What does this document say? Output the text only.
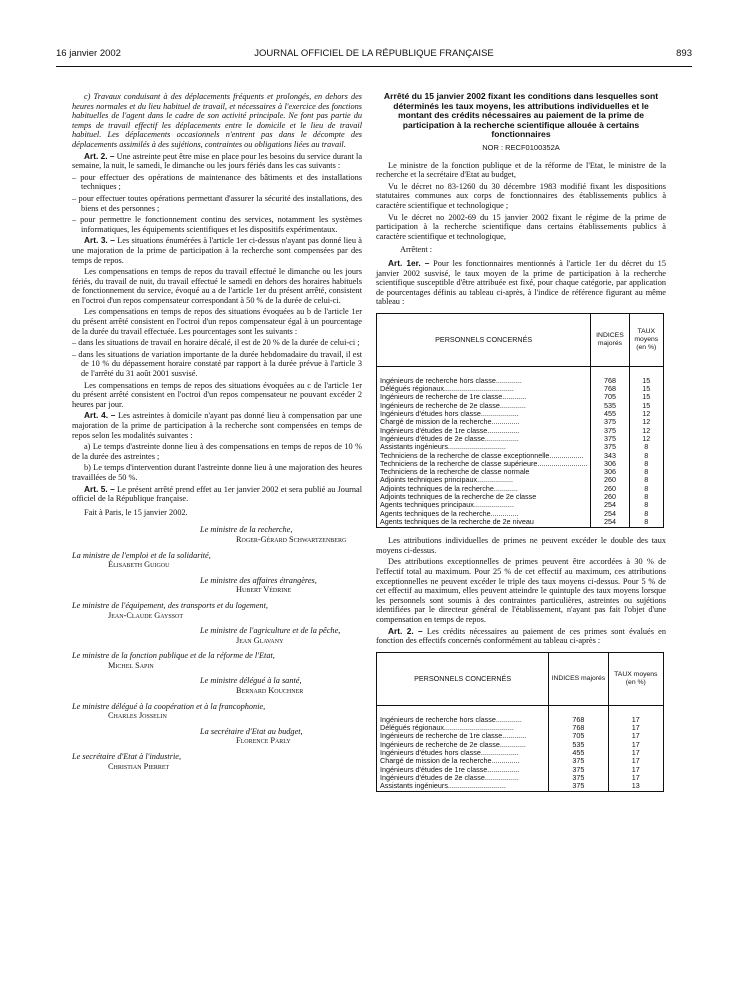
16 janvier 2002	JOURNAL OFFICIEL DE LA RÉPUBLIQUE FRANÇAISE	893

c) Travaux conduisant à des déplacements fréquents et prolongés, en dehors des heures normales et du lieu habituel de travail, et nécessaires à l'exercice des fonctions habituelles de l'agent dans le cadre de son activité principale. Ne font pas partie du temps de travail effectif les déplacements entre le domicile et le lieu de travail habituel. Les déplacements occasionnels n'entrent pas dans le décompte des déplacements assimilés à des sujétions, contraintes ou obligations liées au travail.

Art. 2. – Une astreinte peut être mise en place pour les besoins du service durant la semaine, la nuit, le samedi, le dimanche ou les jours fériés dans les cas suivants :

– pour effectuer des opérations de maintenance des bâtiments et des installations techniques ;

– pour effectuer toutes opérations permettant d'assurer la sécurité des installations, des biens et des personnes ;

– pour permettre le fonctionnement continu des services, notamment les systèmes informatiques, les équipements scientifiques et les dispositifs expérimentaux.

Art. 3. – Les situations énumérées à l'article 1er ci-dessus n'ayant pas donné lieu à une majoration de la prime de participation à la recherche sont compensées par des temps de repos.

Les compensations en temps de repos du travail effectué le dimanche ou les jours fériés, du travail de nuit, du travail effectué le samedi en dehors des horaires habituels de fonctionnement du service, évoqué au a de l'article 1er du présent arrêté, consistent en l'octroi d'un repos compensateur correspondant à 50 % de la durée de celui-ci.

Les compensations en temps de repos des situations évoquées au b de l'article 1er du présent arrêté consistent en l'octroi d'un repos compensateur égal à un pourcentage de la durée du travail effectuée. Les pourcentages sont les suivants :

– dans les situations de travail en horaire décalé, il est de 20 % de la durée de celui-ci ;

– dans les situations de variation importante de la durée hebdomadaire du travail, il est de 10 % du dépassement horaire constaté par rapport à la durée prévue à l'article 3 de l'arrêté du 31 août 2001 susvisé.

Les compensations en temps de repos des situations évoquées au c de l'article 1er du présent arrêté consistent en l'octroi d'un repos compensateur ne pouvant excéder 2 heures par jour.

Art. 4. – Les astreintes à domicile n'ayant pas donné lieu à compensation par une majoration de la prime de participation à la recherche sont compensées en temps de repos selon les modalités suivantes :

a) Le temps d'astreinte donne lieu à des compensations en temps de repos de 10 % de la durée des astreintes ;

b) Le temps d'intervention durant l'astreinte donne lieu à une majoration des heures travaillées de 50 %.

Art. 5. – Le présent arrêté prend effet au 1er janvier 2002 et sera publié au Journal officiel de la République française.

Fait à Paris, le 15 janvier 2002.

Le ministre de la recherche,
Roger-Gérard Schwartzenberg
La ministre de l'emploi et de la solidarité,
Élisabeth Guigou
Le ministre des affaires étrangères,
Hubert Védrine
Le ministre de l'équipement, des transports et du logement,
Jean-Claude Gayssot
Le ministre de l'agriculture et de la pêche,
Jean Glavany
Le ministre de la fonction publique et de la réforme de l'Etat,
Michel Sapin
Le ministre délégué à la santé,
Bernard Kouchner
Le ministre délégué à la coopération et à la francophonie,
Charles Josselin
La secrétaire d'Etat au budget,
Florence Parly
Le secrétaire d'Etat à l'industrie,
Christian Pierret
Arrêté du 15 janvier 2002 fixant les conditions dans lesquelles sont déterminés les taux moyens, les attributions individuelles et le montant des crédits nécessaires au paiement de la prime de participation à la recherche scientifique allouée à certains fonctionnaires
NOR : RECF0100352A

Le ministre de la fonction publique et de la réforme de l'Etat, le ministre de la recherche et la secrétaire d'Etat au budget,

Vu le décret no 83-1260 du 30 décembre 1983 modifié fixant les dispositions statutaires communes aux corps de fonctionnaires des établissements publics à caractère scientifique et technologique ;

Vu le décret no 2002-69 du 15 janvier 2002 fixant le régime de la prime de participation à la recherche scientifique dans certains établissements publics à caractère scientifique et technologique,

Arrêtent :

Art. 1er. – Pour les fonctionnaires mentionnés à l'article 1er du décret du 15 janvier 2002 susvisé, le taux moyen de la prime de participation à la recherche scientifique susceptible d'être attribuée est fixé, pour chaque catégorie, par application de pourcentages définis au tableau ci-après, à l'indice de référence figurant au même tableau :

PERSONNELS CONCERNÉS	INDICES majorés	TAUX moyens (en %)
Ingénieurs de recherche hors classe.............	768	15
Délégués régionaux...................................	768	15
Ingénieurs de recherche de 1re classe............	705	15
Ingénieurs de recherche de 2e classe.............	535	15
Ingénieurs d'études hors classe...................	455	12
Chargé de mission de la recherche..............	375	12
Ingénieurs d'études de 1re classe................	375	12
Ingénieurs d'études de 2e classe.................	375	12
Assistants ingénieurs.............................	375	8
Techniciens de la recherche de classe exceptionnelle.................	343	8
Techniciens de la recherche de classe supérieure.........................	306	8
Techniciens de la recherche de classe normale	306	8
Adjoints techniques principaux..................	260	8
Adjoints techniques de la recherche............	260	8
Adjoints techniques de la recherche de 2e classe	260	8
Agents techniques principaux....................	254	8
Agents techniques de la recherche..............	254	8
Agents techniques de la recherche de 2e niveau	254	8

Les attributions individuelles de primes ne peuvent excéder le double des taux moyens ci-dessus.

Des attributions exceptionnelles de primes peuvent être accordées à 30 % de l'effectif total au maximum. Pour 25 % de cet effectif au maximum, ces attributions exceptionnelles ne peuvent excéder le triple des taux moyens ci-dessus. Pour 5 % de cet effectif au maximum, elles peuvent atteindre le quintuple des taux moyens lorsque les personnels sont soumis à des contraintes particulières, astreintes ou sujétions identifiées par le directeur général de l'établissement, n'ayant pas fait l'objet d'une compensation en temps de repos.

Art. 2. – Les crédits nécessaires au paiement de ces primes sont évalués en fonction des effectifs concernés conformément au tableau ci-après :

PERSONNELS CONCERNÉS	INDICES majorés	TAUX moyens (en %)
Ingénieurs de recherche hors classe.............	768	17
Délégués régionaux...................................	768	17
Ingénieurs de recherche de 1re classe............	705	17
Ingénieurs de recherche de 2e classe.............	535	17
Ingénieurs d'études hors classe...................	455	17
Chargé de mission de la recherche..............	375	17
Ingénieurs d'études de 1re classe................	375	17
Ingénieurs d'études de 2e classe.................	375	17
Assistants ingénieurs.............................	375	13
